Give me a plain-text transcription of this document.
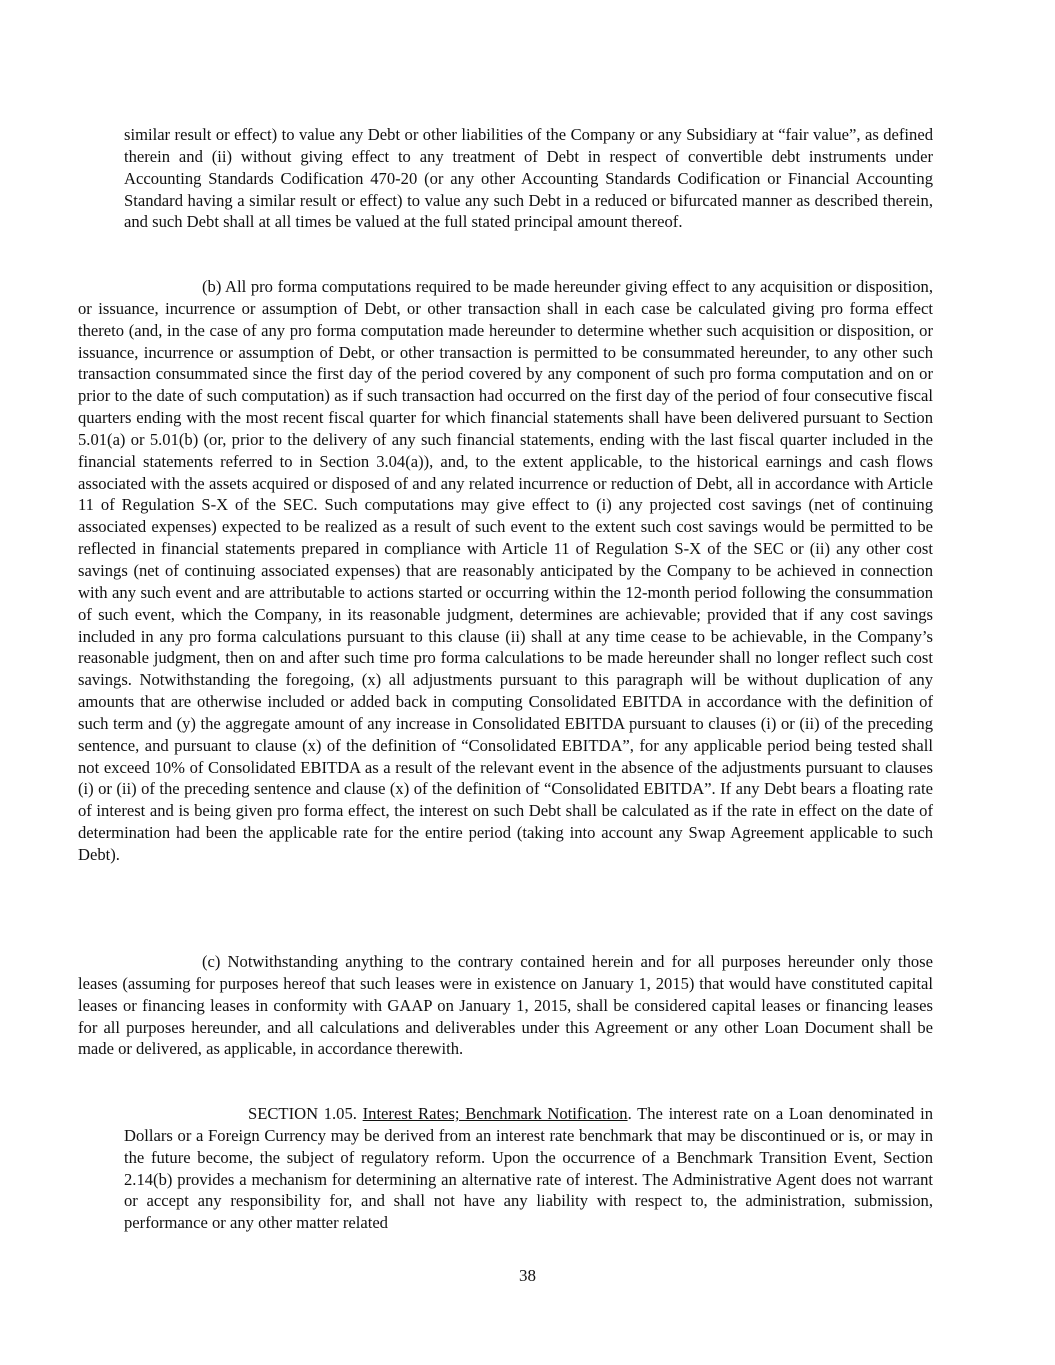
similar result or effect) to value any Debt or other liabilities of the Company or any Subsidiary at “fair value”, as defined therein and (ii) without giving effect to any treatment of Debt in respect of convertible debt instruments under Accounting Standards Codification 470-20 (or any other Accounting Standards Codification or Financial Accounting Standard having a similar result or effect) to value any such Debt in a reduced or bifurcated manner as described therein, and such Debt shall at all times be valued at the full stated principal amount thereof.

(b) All pro forma computations required to be made hereunder giving effect to any acquisition or disposition, or issuance, incurrence or assumption of Debt, or other transaction shall in each case be calculated giving pro forma effect thereto (and, in the case of any pro forma computation made hereunder to determine whether such acquisition or disposition, or issuance, incurrence or assumption of Debt, or other transaction is permitted to be consummated hereunder, to any other such transaction consummated since the first day of the period covered by any component of such pro forma computation and on or prior to the date of such computation) as if such transaction had occurred on the first day of the period of four consecutive fiscal quarters ending with the most recent fiscal quarter for which financial statements shall have been delivered pursuant to Section 5.01(a) or 5.01(b) (or, prior to the delivery of any such financial statements, ending with the last fiscal quarter included in the financial statements referred to in Section 3.04(a)), and, to the extent applicable, to the historical earnings and cash flows associated with the assets acquired or disposed of and any related incurrence or reduction of Debt, all in accordance with Article 11 of Regulation S-X of the SEC. Such computations may give effect to (i) any projected cost savings (net of continuing associated expenses) expected to be realized as a result of such event to the extent such cost savings would be permitted to be reflected in financial statements prepared in compliance with Article 11 of Regulation S-X of the SEC or (ii) any other cost savings (net of continuing associated expenses) that are reasonably anticipated by the Company to be achieved in connection with any such event and are attributable to actions started or occurring within the 12-month period following the consummation of such event, which the Company, in its reasonable judgment, determines are achievable; provided that if any cost savings included in any pro forma calculations pursuant to this clause (ii) shall at any time cease to be achievable, in the Company’s reasonable judgment, then on and after such time pro forma calculations to be made hereunder shall no longer reflect such cost savings. Notwithstanding the foregoing, (x) all adjustments pursuant to this paragraph will be without duplication of any amounts that are otherwise included or added back in computing Consolidated EBITDA in accordance with the definition of such term and (y) the aggregate amount of any increase in Consolidated EBITDA pursuant to clauses (i) or (ii) of the preceding sentence, and pursuant to clause (x) of the definition of “Consolidated EBITDA”, for any applicable period being tested shall not exceed 10% of Consolidated EBITDA as a result of the relevant event in the absence of the adjustments pursuant to clauses (i) or (ii) of the preceding sentence and clause (x) of the definition of “Consolidated EBITDA”. If any Debt bears a floating rate of interest and is being given pro forma effect, the interest on such Debt shall be calculated as if the rate in effect on the date of determination had been the applicable rate for the entire period (taking into account any Swap Agreement applicable to such Debt).

(c) Notwithstanding anything to the contrary contained herein and for all purposes hereunder only those leases (assuming for purposes hereof that such leases were in existence on January 1, 2015) that would have constituted capital leases or financing leases in conformity with GAAP on January 1, 2015, shall be considered capital leases or financing leases for all purposes hereunder, and all calculations and deliverables under this Agreement or any other Loan Document shall be made or delivered, as applicable, in accordance therewith.

SECTION 1.05. Interest Rates; Benchmark Notification. The interest rate on a Loan denominated in Dollars or a Foreign Currency may be derived from an interest rate benchmark that may be discontinued or is, or may in the future become, the subject of regulatory reform. Upon the occurrence of a Benchmark Transition Event, Section 2.14(b) provides a mechanism for determining an alternative rate of interest. The Administrative Agent does not warrant or accept any responsibility for, and shall not have any liability with respect to, the administration, submission, performance or any other matter related

38
